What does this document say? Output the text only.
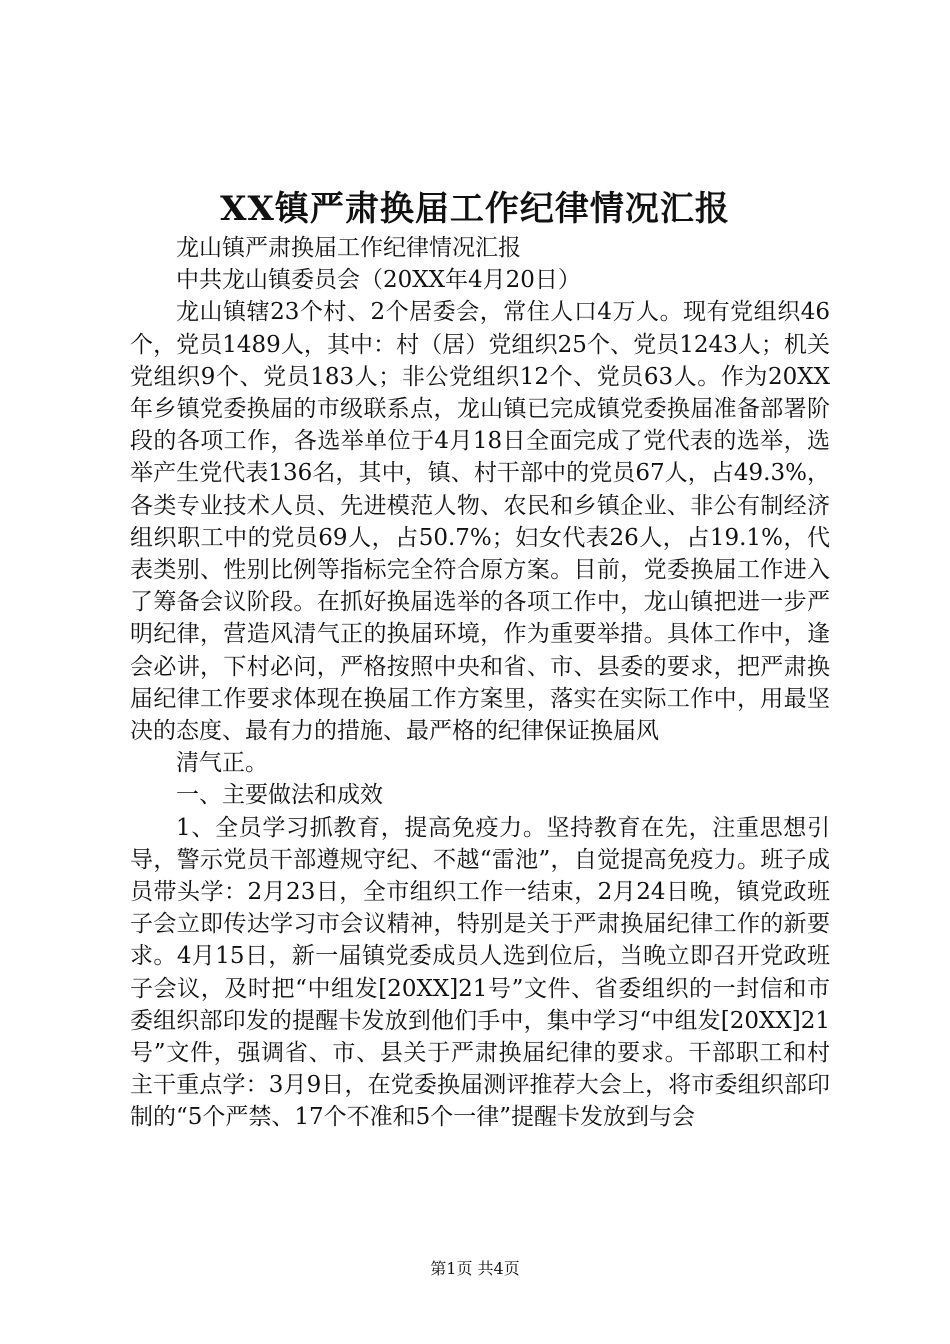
XX镇严肃换届工作纪律情况汇报

龙山镇严肃换届工作纪律情况汇报

中共龙山镇委员会（20XX年4月20日）

龙山镇辖23个村、2个居委会，常住人口4万人。现有党组织46个，党员1489人，其中：村（居）党组织25个、党员1243人；机关党组织9个、党员183人；非公党组织12个、党员63人。作为20XX年乡镇党委换届的市级联系点，龙山镇已完成镇党委换届准备部署阶段的各项工作，各选举单位于4月18日全面完成了党代表的选举，选举产生党代表136名，其中，镇、村干部中的党员67人，占49.3%，各类专业技术人员、先进模范人物、农民和乡镇企业、非公有制经济组织职工中的党员69人，占50.7%；妇女代表26人，占19.1%，代表类别、性别比例等指标完全符合原方案。目前，党委换届工作进入了筹备会议阶段。在抓好换届选举的各项工作中，龙山镇把进一步严明纪律，营造风清气正的换届环境，作为重要举措。具体工作中，逢会必讲，下村必问，严格按照中央和省、市、县委的要求，把严肃换届纪律工作要求体现在换届工作方案里，落实在实际工作中，用最坚决的态度、最有力的措施、最严格的纪律保证换届风

清气正。

一、主要做法和成效

1、全员学习抓教育，提高免疫力。坚持教育在先，注重思想引导，警示党员干部遵规守纪、不越“雷池”，自觉提高免疫力。班子成员带头学：2月23日，全市组织工作一结束，2月24日晚，镇党政班子会立即传达学习市会议精神，特别是关于严肃换届纪律工作的新要求。4月15日，新一届镇党委成员人选到位后，当晚立即召开党政班子会议，及时把“中组发[20XX]21号”文件、省委组织的一封信和市委组织部印发的提醒卡发放到他们手中，集中学习“中组发[20XX]21号”文件，强调省、市、县关于严肃换届纪律的要求。干部职工和村主干重点学：3月9日，在党委换届测评推荐大会上，将市委组织部印制的“5个严禁、17个不准和5个一律”提醒卡发放到与会

第1页 共4页
